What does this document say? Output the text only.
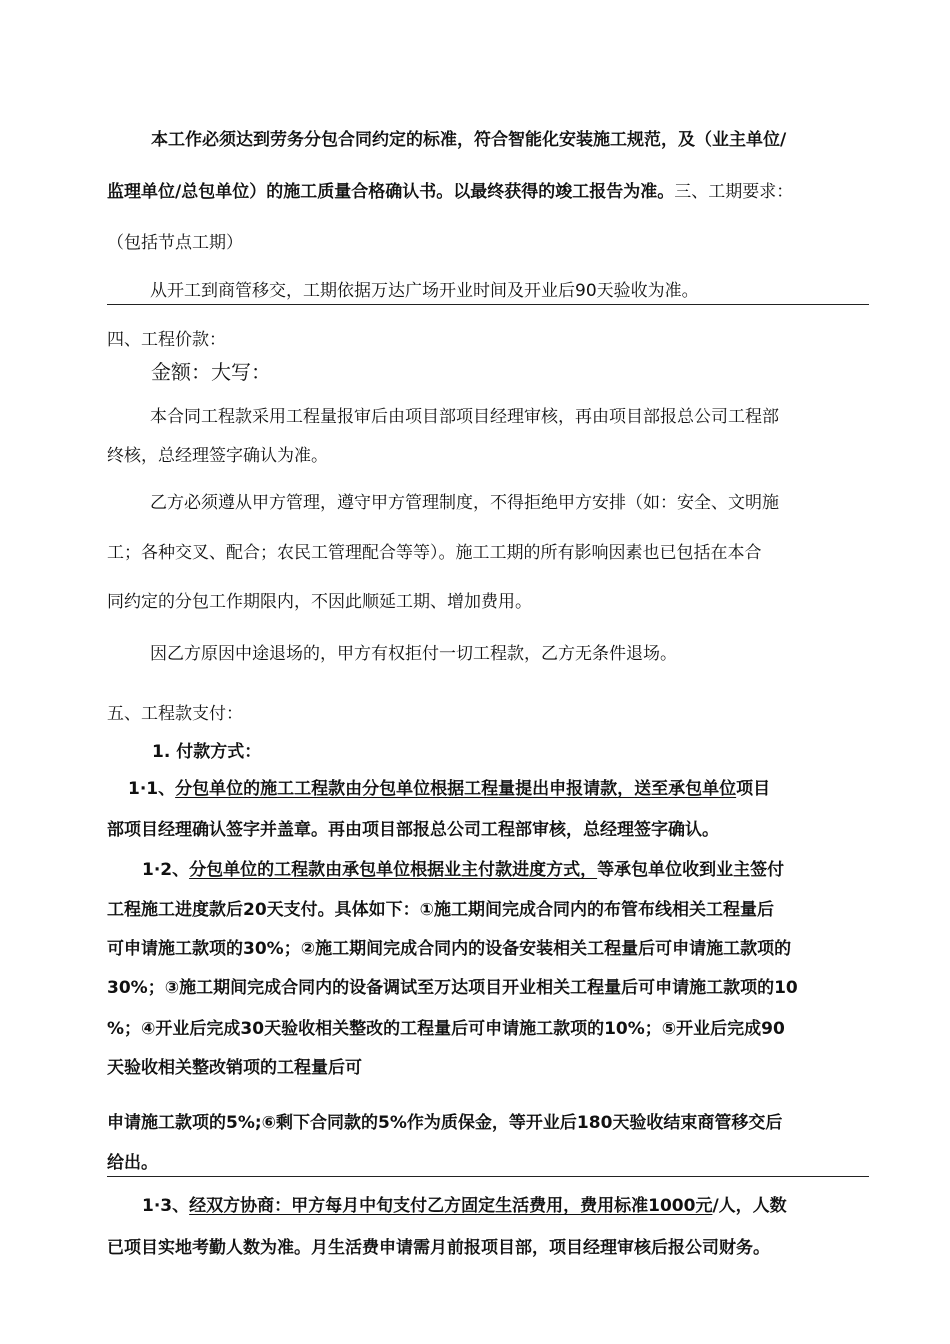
本工作必须达到劳务分包合同约定的标准，符合智能化安装施工规范，及（业主单位/
监理单位/总包单位）的施工质量合格确认书。以最终获得的竣工报告为准。三、工期要求：
（包括节点工期）
从开工到商管移交，工期依据万达广场开业时间及开业后90天验收为准。
四、工程价款：
金额：大写：
本合同工程款采用工程量报审后由项目部项目经理审核，再由项目部报总公司工程部
终核，总经理签字确认为准。
乙方必须遵从甲方管理，遵守甲方管理制度，不得拒绝甲方安排（如：安全、文明施
工；各种交叉、配合；农民工管理配合等等）。施工工期的所有影响因素也已包括在本合
同约定的分包工作期限内，不因此顺延工期、增加费用。
因乙方原因中途退场的，甲方有权拒付一切工程款，乙方无条件退场。
五、工程款支付：
1. 付款方式：
1·1、分包单位的施工工程款由分包单位根据工程量提出申报请款，送至承包单位项目
部项目经理确认签字并盖章。再由项目部报总公司工程部审核，总经理签字确认。
1·2、分包单位的工程款由承包单位根据业主付款进度方式，等承包单位收到业主签付
工程施工进度款后20天支付。具体如下：①施工期间完成合同内的布管布线相关工程量后
可申请施工款项的30%；②施工期间完成合同内的设备安装相关工程量后可申请施工款项的
30%；③施工期间完成合同内的设备调试至万达项目开业相关工程量后可申请施工款项的10
%；④开业后完成30天验收相关整改的工程量后可申请施工款项的10%；⑤开业后完成90
天验收相关整改销项的工程量后可
申请施工款项的5%;⑥剩下合同款的5%作为质保金，等开业后180天验收结束商管移交后
给出。
1·3、经双方协商：甲方每月中旬支付乙方固定生活费用，费用标准1000元/人，人数
已项目实地考勤人数为准。月生活费申请需月前报项目部，项目经理审核后报公司财务。
